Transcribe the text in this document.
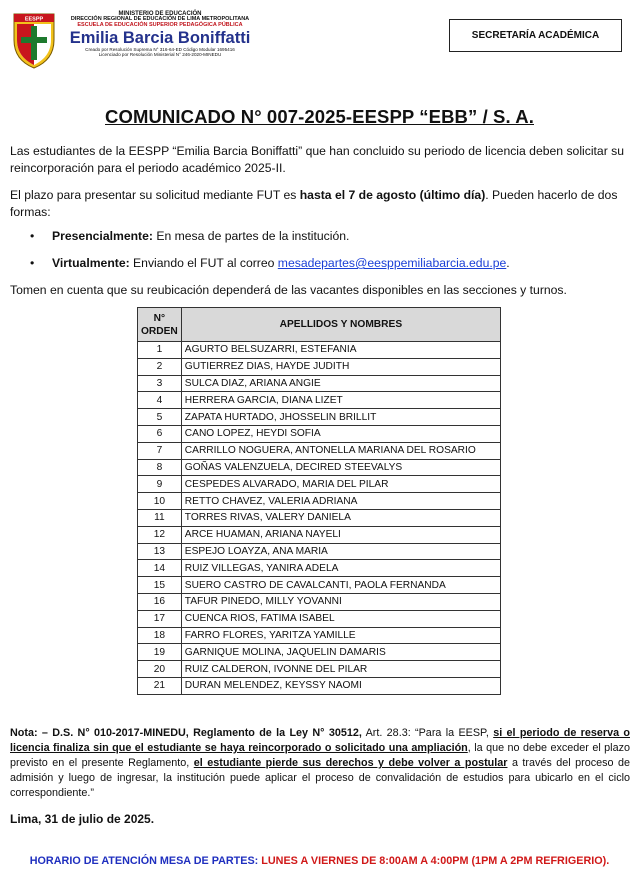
EESPP
MINISTERIO DE EDUCACIÓN
DIRECCIÓN REGIONAL DE EDUCACIÓN DE LIMA METROPOLITANA
ESCUELA DE EDUCACIÓN SUPERIOR PEDAGÓGICA PÚBLICA
Emilia Barcia Boniffatti
Creado por Resolución Suprema N° 316-64-ED Código Modular 1695416
Licenciado por Resolución Ministerial N° 246-2020-MINEDU
SECRETARÍA ACADÉMICA
COMUNICADO N° 007-2025-EESPP “EBB” / S. A.
Las estudiantes de la EESPP “Emilia Barcia Boniffatti” que han concluido su periodo de licencia deben solicitar su reincorporación para el periodo académico 2025-II.
El plazo para presentar su solicitud mediante FUT es hasta el 7 de agosto (último día). Pueden hacerlo de dos formas:
• Presencialmente: En mesa de partes de la institución.
• Virtualmente: Enviando el FUT al correo mesadepartes@eesppemiliabarcia.edu.pe.
Tomen en cuenta que su reubicación dependerá de las vacantes disponibles en las secciones y turnos.
N° ORDEN	APELLIDOS Y NOMBRES
1	AGURTO BELSUZARRI, ESTEFANIA
2	GUTIERREZ DIAS, HAYDE JUDITH
3	SULCA DIAZ, ARIANA ANGIE
4	HERRERA GARCIA, DIANA LIZET
5	ZAPATA HURTADO, JHOSSELIN BRILLIT
6	CANO LOPEZ, HEYDI SOFIA
7	CARRILLO NOGUERA, ANTONELLA MARIANA DEL ROSARIO
8	GOÑAS VALENZUELA, DECIRED STEEVALYS
9	CESPEDES ALVARADO, MARIA DEL PILAR
10	RETTO CHAVEZ, VALERIA ADRIANA
11	TORRES RIVAS, VALERY DANIELA
12	ARCE HUAMAN, ARIANA NAYELI
13	ESPEJO LOAYZA, ANA MARIA
14	RUIZ VILLEGAS, YANIRA ADELA
15	SUERO CASTRO DE CAVALCANTI, PAOLA FERNANDA
16	TAFUR PINEDO, MILLY YOVANNI
17	CUENCA RIOS, FATIMA ISABEL
18	FARRO FLORES, YARITZA YAMILLE
19	GARNIQUE MOLINA, JAQUELIN DAMARIS
20	RUIZ CALDERON, IVONNE DEL PILAR
21	DURAN MELENDEZ, KEYSSY NAOMI
Nota: – D.S. N° 010-2017-MINEDU, Reglamento de la Ley N° 30512, Art. 28.3: “Para la EESP, si el periodo de reserva o licencia finaliza sin que el estudiante se haya reincorporado o solicitado una ampliación, la que no debe exceder el plazo previsto en el presente Reglamento, el estudiante pierde sus derechos y debe volver a postular a través del proceso de admisión y luego de ingresar, la institución puede aplicar el proceso de convalidación de estudios para ubicarlo en el ciclo correspondiente.”
Lima, 31 de julio de 2025.
HORARIO DE ATENCIÓN MESA DE PARTES: LUNES A VIERNES DE 8:00AM A 4:00PM (1PM A 2PM REFRIGERIO).
